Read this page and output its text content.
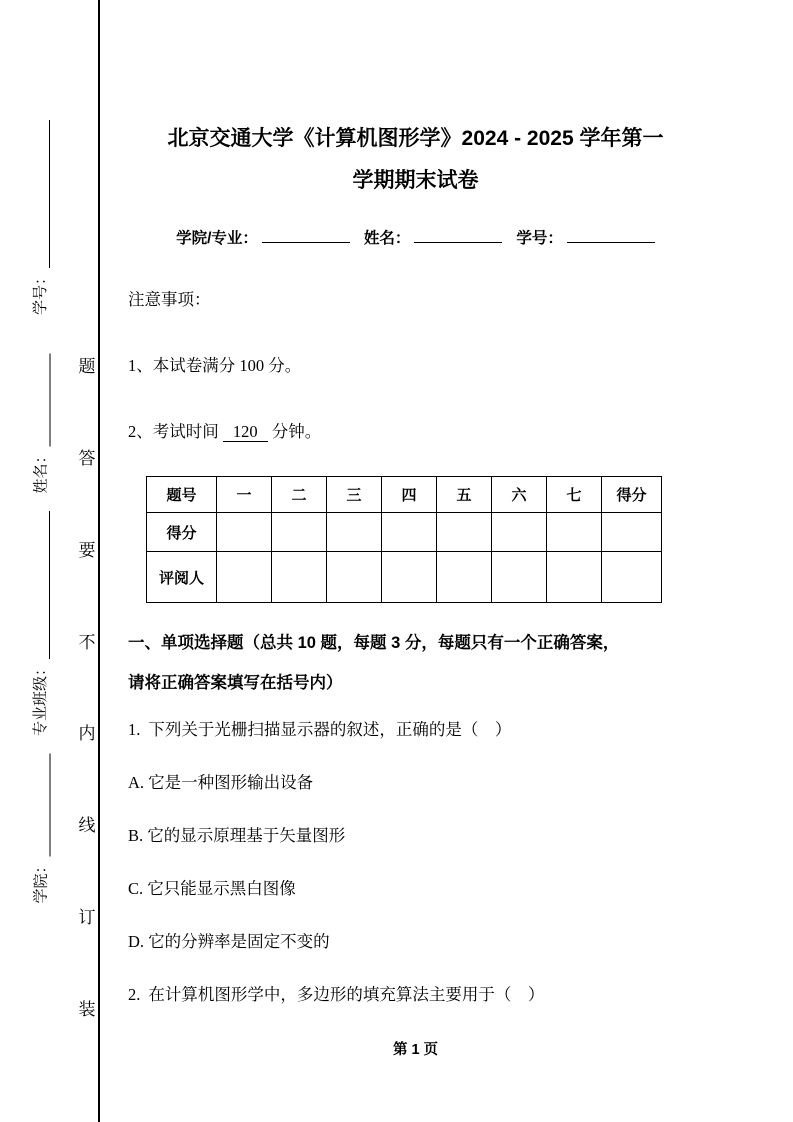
学号：
姓名：
专业班级：
学院：
题
答
要
不
内
线
订
装
北京交通大学《计算机图形学》2024 - 2025 学年第一
学期期末试卷
学院/专业：	姓名：	学号：
注意事项：
1、本试卷满分 100 分。
2、考试时间 120 分钟。
题号	一	二	三	四	五	六	七	得分
得分								
评阅人								
一、单项选择题（总共 10 题，每题 3 分，每题只有一个正确答案，
请将正确答案填写在括号内）
1. 下列关于光栅扫描显示器的叙述，正确的是（　）
A. 它是一种图形输出设备
B. 它的显示原理基于矢量图形
C. 它只能显示黑白图像
D. 它的分辨率是固定不变的
2. 在计算机图形学中，多边形的填充算法主要用于（　）
第 1 页
